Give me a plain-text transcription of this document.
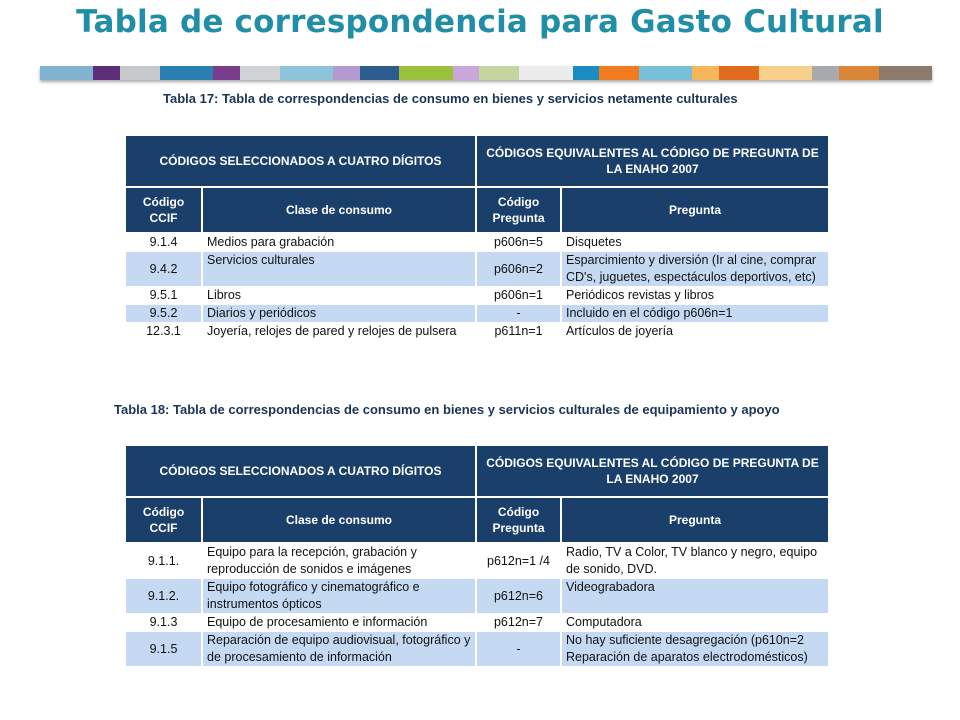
Tabla de correspondencia para Gasto Cultural
Tabla 17: Tabla de correspondencias de consumo en bienes y servicios netamente culturales
CÓDIGOS SELECCIONADOS A CUATRO DÍGITOS		CÓDIGOS EQUIVALENTES AL CÓDIGO DE PREGUNTA DE LA ENAHO 2007	
Código CCIF	Clase de consumo	Código Pregunta	Pregunta
9.1.4	Medios para grabación	p606n=5	Disquetes
9.4.2	Servicios culturales	p606n=2	Esparcimiento y diversión (Ir al cine, comprar CD's, juguetes, espectáculos deportivos, etc)
9.5.1	Libros	p606n=1	Periódicos revistas y libros
9.5.2	Diarios y periódicos	-	Incluido en el código p606n=1
12.3.1	Joyería, relojes de pared y relojes de pulsera	p611n=1	Artículos de joyería
Tabla 18: Tabla de correspondencias de consumo en bienes y servicios culturales de equipamiento y apoyo
CÓDIGOS SELECCIONADOS A CUATRO DÍGITOS		CÓDIGOS EQUIVALENTES AL CÓDIGO DE PREGUNTA DE LA ENAHO 2007	
Código CCIF	Clase de consumo	Código Pregunta	Pregunta
9.1.1.	Equipo para la recepción, grabación y reproducción de sonidos e imágenes	p612n=1 /4	Radio, TV a Color, TV blanco y negro, equipo de sonido, DVD.
9.1.2.	Equipo fotográfico y cinematográfico e instrumentos ópticos	p612n=6	Videograbadora
9.1.3	Equipo de procesamiento e información	p612n=7	Computadora
9.1.5	Reparación de equipo audiovisual, fotográfico y de procesamiento de información	-	No hay suficiente desagregación (p610n=2 Reparación de aparatos electrodomésticos)
